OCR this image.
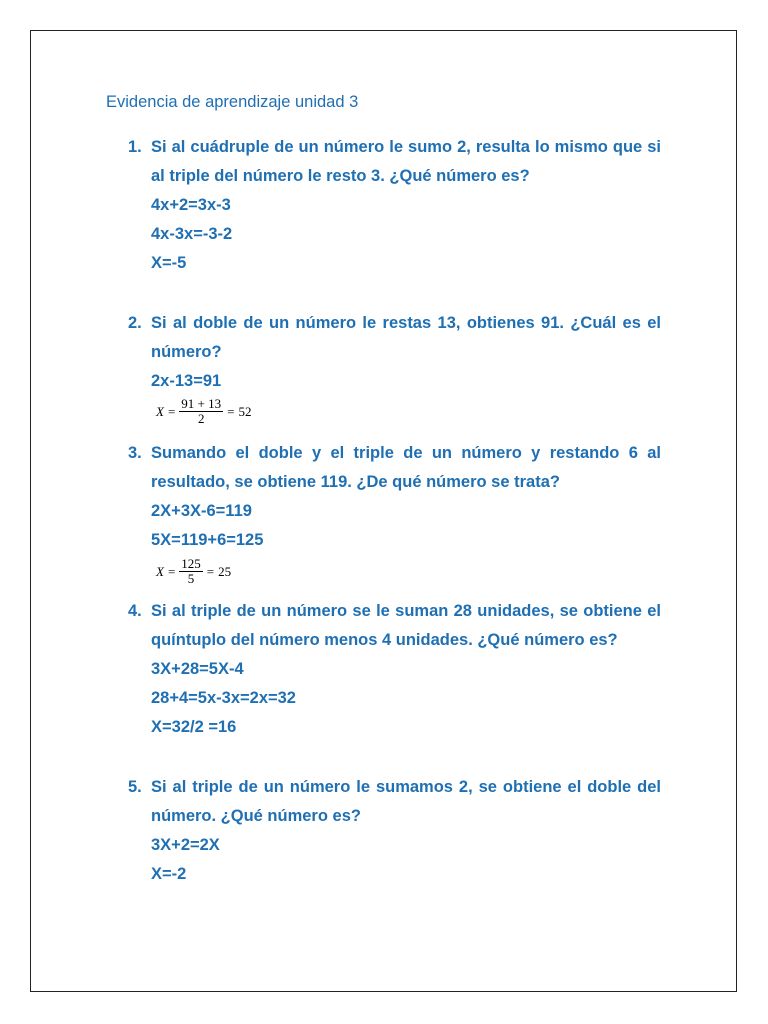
Evidencia de aprendizaje unidad 3
1. Si al cuádruple de un número le sumo 2, resulta lo mismo que si al triple del número le resto 3. ¿Qué número es?
4x+2=3x-3
4x-3x=-3-2
X=-5
2. Si al doble de un número le restas 13, obtienes 91. ¿Cuál es el número?
2x-13=91
$X = \frac{91 + 13}{2} = 52$
3. Sumando el doble y el triple de un número y restando 6 al resultado, se obtiene 119. ¿De qué número se trata?
2X+3X-6=119
5X=119+6=125
$X = \frac{125}{5} = 25$
4. Si al triple de un número se le suman 28 unidades, se obtiene el quíntuplo del número menos 4 unidades. ¿Qué número es?
3X+28=5X-4
28+4=5x-3x=2x=32
X=32/2 =16
5. Si al triple de un número le sumamos 2, se obtiene el doble del número. ¿Qué número es?
3X+2=2X
X=-2
